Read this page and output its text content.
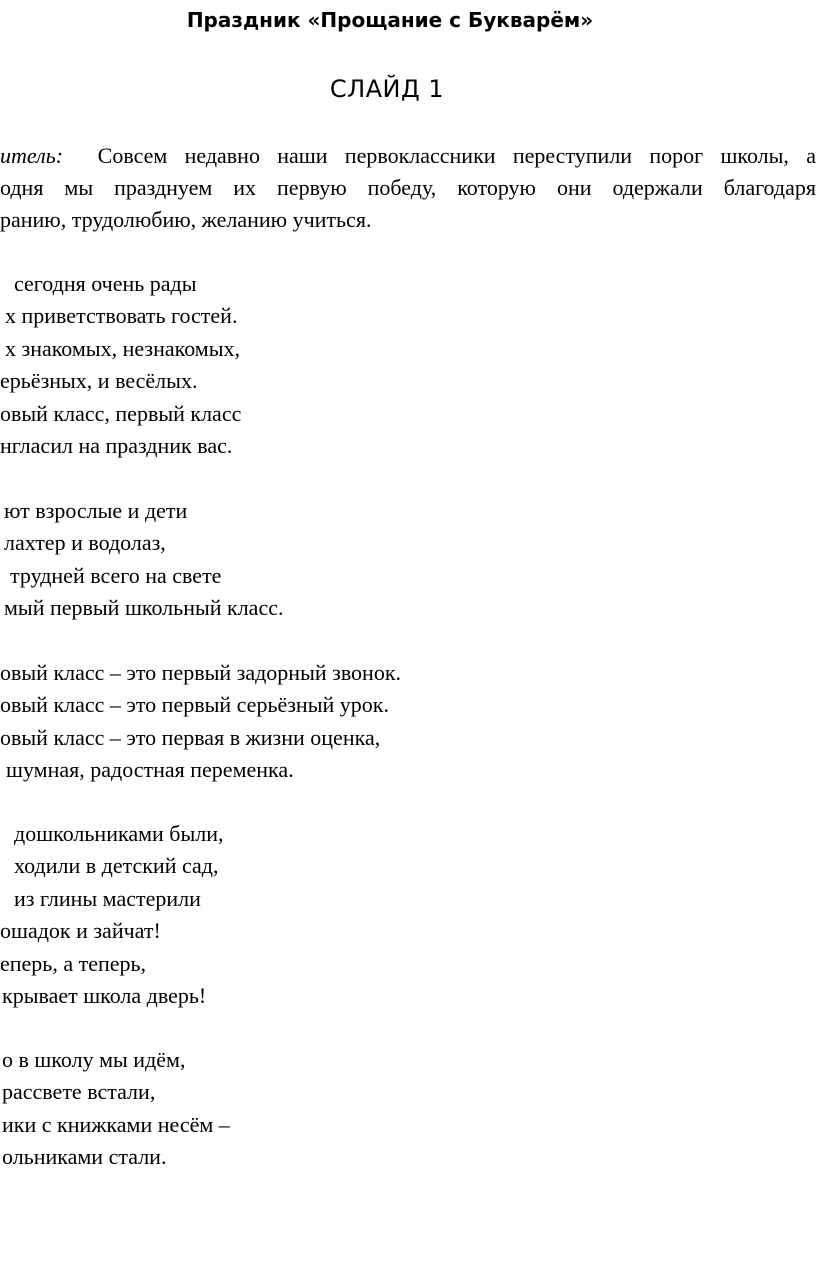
Праздник «Прощание с Букварём»
СЛАЙД 1
итель: Совсем недавно наши первоклассники переступили порог школы, а
одня мы празднуем их первую победу, которую они одержали благодаря
ранию, трудолюбию, желанию учиться.
сегодня очень рады
х приветствовать гостей.
х знакомых, незнакомых,
ерьёзных, и весёлых.
овый класс, первый класс
нгласил на праздник вас.
ют взрослые и дети
лахтер и водолаз,
трудней всего на свете
мый первый школьный класс.
овый класс – это первый задорный звонок.
овый класс – это первый серьёзный урок.
овый класс – это первая в жизни оценка,
шумная, радостная переменка.
дошкольниками были,
ходили в детский сад,
из глины мастерили
ошадок и зайчат!
еперь, а теперь,
крывает школа дверь!
о в школу мы идём,
рассвете встали,
ики с книжками несём –
ольниками стали.
